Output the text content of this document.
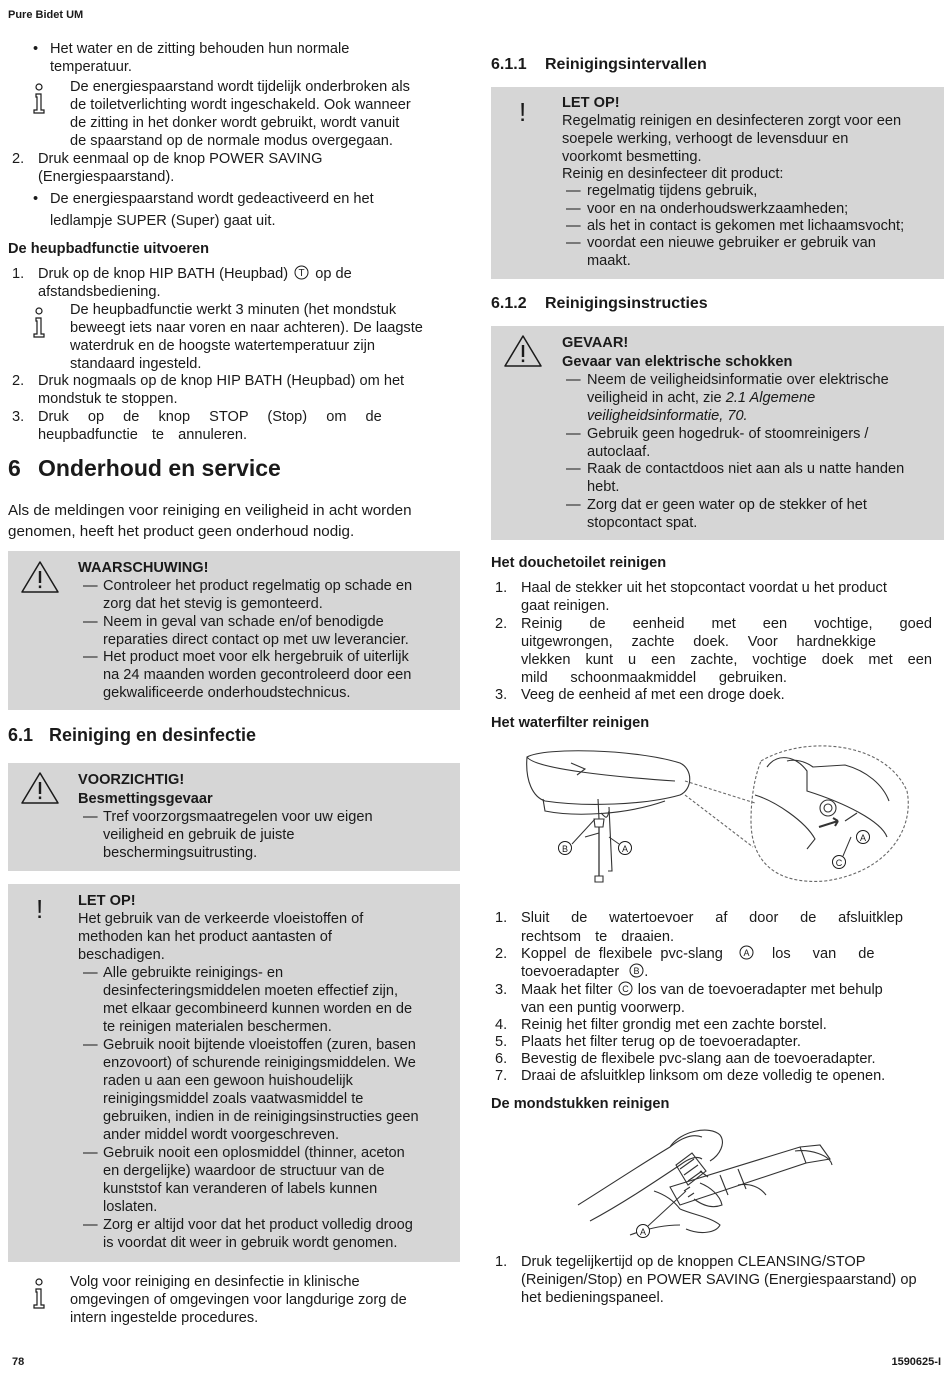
Pure Bidet UM
78	1590625-I
• Het water en de zitting behouden hun normale temperatuur.
De energiespaarstand wordt tijdelijk onderbroken als
de toiletverlichting wordt ingeschakeld. Ook wanneer
de zitting in het donker wordt gebruikt, wordt vanuit
de spaarstand op de normale modus overgegaan.
2. Druk eenmaal op de knop POWER SAVING
(Energiespaarstand).
• De energiespaarstand wordt gedeactiveerd en het
ledlampje SUPER (Super) gaat uit.
De heupbadfunctie uitvoeren
1. Druk op de knop HIP BATH (Heupbad) T op de
afstandsbediening.
De heupbadfunctie werkt 3 minuten (het mondstuk
beweegt iets naar voren en naar achteren). De laagste
waterdruk en de hoogste watertemperatuur zijn
standaard ingesteld.
2. Druk nogmaals op de knop HIP BATH (Heupbad) om het
mondstuk te stoppen.
3. Druk op de knop STOP (Stop) om de
heupbadfunctie te annuleren.
6 Onderhoud en service
Als de meldingen voor reiniging en veiligheid in acht worden
genomen, heeft het product geen onderhoud nodig.
WAARSCHUWING!
— Controleer het product regelmatig op schade en
zorg dat het stevig is gemonteerd.
— Neem in geval van schade en/of benodigde
reparaties direct contact op met uw leverancier.
— Het product moet voor elk hergebruik of uiterlijk
na 24 maanden worden gecontroleerd door een
gekwalificeerde onderhoudstechnicus.
6.1 Reiniging en desinfectie
VOORZICHTIG!
Besmettingsgevaar
— Tref voorzorgsmaatregelen voor uw eigen
veiligheid en gebruik de juiste
beschermingsuitrusting.
! LET OP!
Het gebruik van de verkeerde vloeistoffen of
methoden kan het product aantasten of
beschadigen.
— Alle gebruikte reinigings- en
desinfecteringsmiddelen moeten effectief zijn,
met elkaar gecombineerd kunnen worden en de
te reinigen materialen beschermen.
— Gebruik nooit bijtende vloeistoffen (zuren, basen
enzovoort) of schurende reinigingsmiddelen. We
raden u aan een gewoon huishoudelijk
reinigingsmiddel zoals vaatwasmiddel te
gebruiken, indien in de reinigingsinstructies geen
ander middel wordt voorgeschreven.
— Gebruik nooit een oplosmiddel (thinner, aceton
en dergelijke) waardoor de structuur van de
kunststof kan veranderen of labels kunnen
loslaten.
— Zorg er altijd voor dat het product volledig droog
is voordat dit weer in gebruik wordt genomen.
Volg voor reiniging en desinfectie in klinische
omgevingen of omgevingen voor langdurige zorg de
intern ingestelde procedures.
6.1.1 Reinigingsintervallen
! LET OP!
Regelmatig reinigen en desinfecteren zorgt voor een
soepele werking, verhoogt de levensduur en
voorkomt besmetting.
Reinig en desinfecteer dit product:
— regelmatig tijdens gebruik,
— voor en na onderhoudswerkzaamheden;
— als het in contact is gekomen met lichaamsvocht;
— voordat een nieuwe gebruiker er gebruik van
maakt.
6.1.2 Reinigingsinstructies
GEVAAR!
Gevaar van elektrische schokken
— Neem de veiligheidsinformatie over elektrische
veiligheid in acht, zie 2.1 Algemene
veiligheidsinformatie, 70.
— Gebruik geen hogedruk- of stoomreinigers /
autoclaaf.
— Raak de contactdoos niet aan als u natte handen
hebt.
— Zorg dat er geen water op de stekker of het
stopcontact spat.
Het douchetoilet reinigen
1. Haal de stekker uit het stopcontact voordat u het product
gaat reinigen.
2. Reinig de eenheid met een vochtige, goed
uitgewrongen, zachte doek. Voor hardnekkige
vlekken kunt u een zachte, vochtige doek met een
mild schoonmaakmiddel gebruiken.
3. Veeg de eenheid af met een droge doek.
Het waterfilter reinigen
B	A
C
A
1. Sluit de watertoevoer af door de afsluitklep
rechtsom te draaien.
2. Koppel de flexibele pvc-slang A los van de
toevoeradapter B .
3. Maak het filter C los van de toevoeradapter met behulp
van een puntig voorwerp.
4. Reinig het filter grondig met een zachte borstel.
5. Plaats het filter terug op de toevoeradapter.
6. Bevestig de flexibele pvc-slang aan de toevoeradapter.
7. Draai de afsluitklep linksom om deze volledig te openen.
De mondstukken reinigen
A
1. Druk tegelijkertijd op de knoppen CLEANSING/STOP
(Reinigen/Stop) en POWER SAVING (Energiespaarstand) op
het bedieningspaneel.
